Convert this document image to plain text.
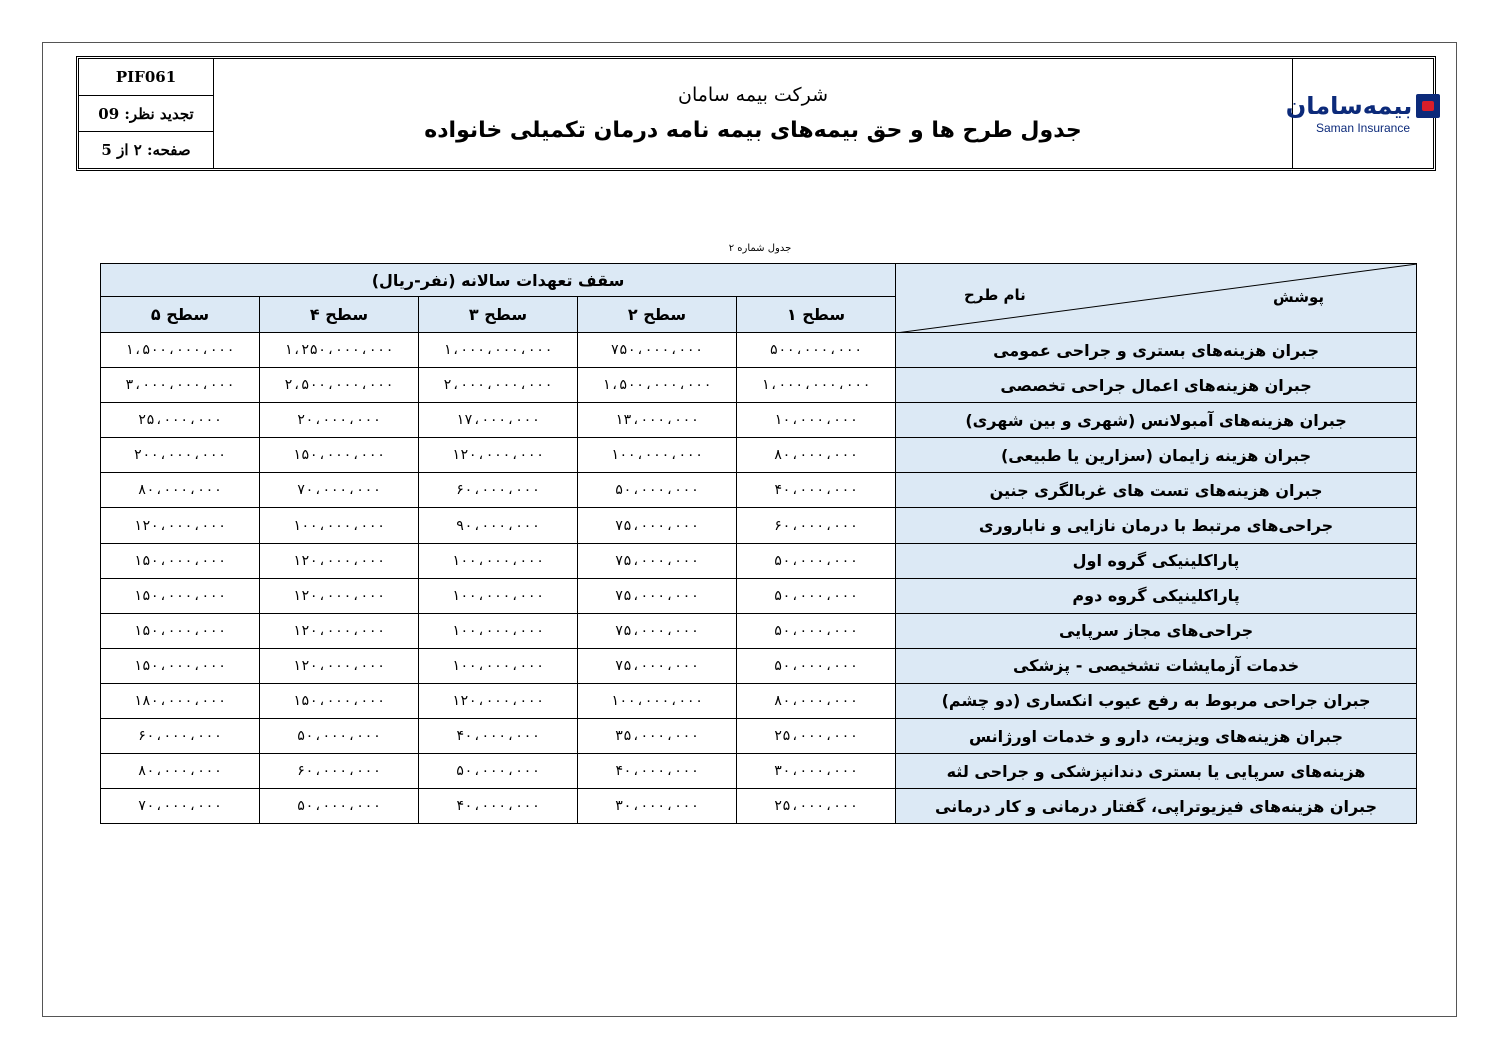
PIF061
تجدید نظر: 09
صفحه: ۲ از 5
شرکت بیمه سامان
جدول طرح ها و حق بیمه‌های بیمه نامه درمان تکمیلی خانواده
بیمه‌سامان
Saman Insurance
جدول شماره ۲
سقف تعهدات سالانه (نفر-ریال)					نام طرح پوشش

سطح ۵	سطح ۴	سطح ۳	سطح ۲	سطح ۱	
۱،۵۰۰،۰۰۰،۰۰۰	۱،۲۵۰،۰۰۰،۰۰۰	۱،۰۰۰،۰۰۰،۰۰۰	۷۵۰،۰۰۰،۰۰۰	۵۰۰،۰۰۰،۰۰۰	جبران هزینه‌های بستری و جراحی عمومی
۳،۰۰۰،۰۰۰،۰۰۰	۲،۵۰۰،۰۰۰،۰۰۰	۲،۰۰۰،۰۰۰،۰۰۰	۱،۵۰۰،۰۰۰،۰۰۰	۱،۰۰۰،۰۰۰،۰۰۰	جبران هزینه‌های اعمال جراحی تخصصی
۲۵،۰۰۰،۰۰۰	۲۰،۰۰۰،۰۰۰	۱۷،۰۰۰،۰۰۰	۱۳،۰۰۰،۰۰۰	۱۰،۰۰۰،۰۰۰	جبران هزینه‌های آمبولانس (شهری و بین شهری)
۲۰۰،۰۰۰،۰۰۰	۱۵۰،۰۰۰،۰۰۰	۱۲۰،۰۰۰،۰۰۰	۱۰۰،۰۰۰،۰۰۰	۸۰،۰۰۰،۰۰۰	جبران هزینه زایمان (سزارین یا طبیعی)
۸۰،۰۰۰،۰۰۰	۷۰،۰۰۰،۰۰۰	۶۰،۰۰۰،۰۰۰	۵۰،۰۰۰،۰۰۰	۴۰،۰۰۰،۰۰۰	جبران هزینه‌های تست های غربالگری جنین
۱۲۰،۰۰۰،۰۰۰	۱۰۰،۰۰۰،۰۰۰	۹۰،۰۰۰،۰۰۰	۷۵،۰۰۰،۰۰۰	۶۰،۰۰۰،۰۰۰	جراحی‌های مرتبط با درمان نازایی و ناباروری
۱۵۰،۰۰۰،۰۰۰	۱۲۰،۰۰۰،۰۰۰	۱۰۰،۰۰۰،۰۰۰	۷۵،۰۰۰،۰۰۰	۵۰،۰۰۰،۰۰۰	پاراکلینیکی گروه اول
۱۵۰،۰۰۰،۰۰۰	۱۲۰،۰۰۰،۰۰۰	۱۰۰،۰۰۰،۰۰۰	۷۵،۰۰۰،۰۰۰	۵۰،۰۰۰،۰۰۰	پاراکلینیکی گروه دوم
۱۵۰،۰۰۰،۰۰۰	۱۲۰،۰۰۰،۰۰۰	۱۰۰،۰۰۰،۰۰۰	۷۵،۰۰۰،۰۰۰	۵۰،۰۰۰،۰۰۰	جراحی‌های مجاز سرپایی
۱۵۰،۰۰۰،۰۰۰	۱۲۰،۰۰۰،۰۰۰	۱۰۰،۰۰۰،۰۰۰	۷۵،۰۰۰،۰۰۰	۵۰،۰۰۰،۰۰۰	خدمات آزمایشات تشخیصی - پزشکی
۱۸۰،۰۰۰،۰۰۰	۱۵۰،۰۰۰،۰۰۰	۱۲۰،۰۰۰،۰۰۰	۱۰۰،۰۰۰،۰۰۰	۸۰،۰۰۰،۰۰۰	جبران جراحی مربوط به رفع عیوب انکساری (دو چشم)
۶۰،۰۰۰،۰۰۰	۵۰،۰۰۰،۰۰۰	۴۰،۰۰۰،۰۰۰	۳۵،۰۰۰،۰۰۰	۲۵،۰۰۰،۰۰۰	جبران هزینه‌های ویزیت، دارو و خدمات اورژانس
۸۰،۰۰۰،۰۰۰	۶۰،۰۰۰،۰۰۰	۵۰،۰۰۰،۰۰۰	۴۰،۰۰۰،۰۰۰	۳۰،۰۰۰،۰۰۰	هزینه‌های سرپایی یا بستری دندانپزشکی و جراحی لثه
۷۰،۰۰۰،۰۰۰	۵۰،۰۰۰،۰۰۰	۴۰،۰۰۰،۰۰۰	۳۰،۰۰۰،۰۰۰	۲۵،۰۰۰،۰۰۰	جبران هزینه‌های فیزیوتراپی، گفتار درمانی و کار درمانی
